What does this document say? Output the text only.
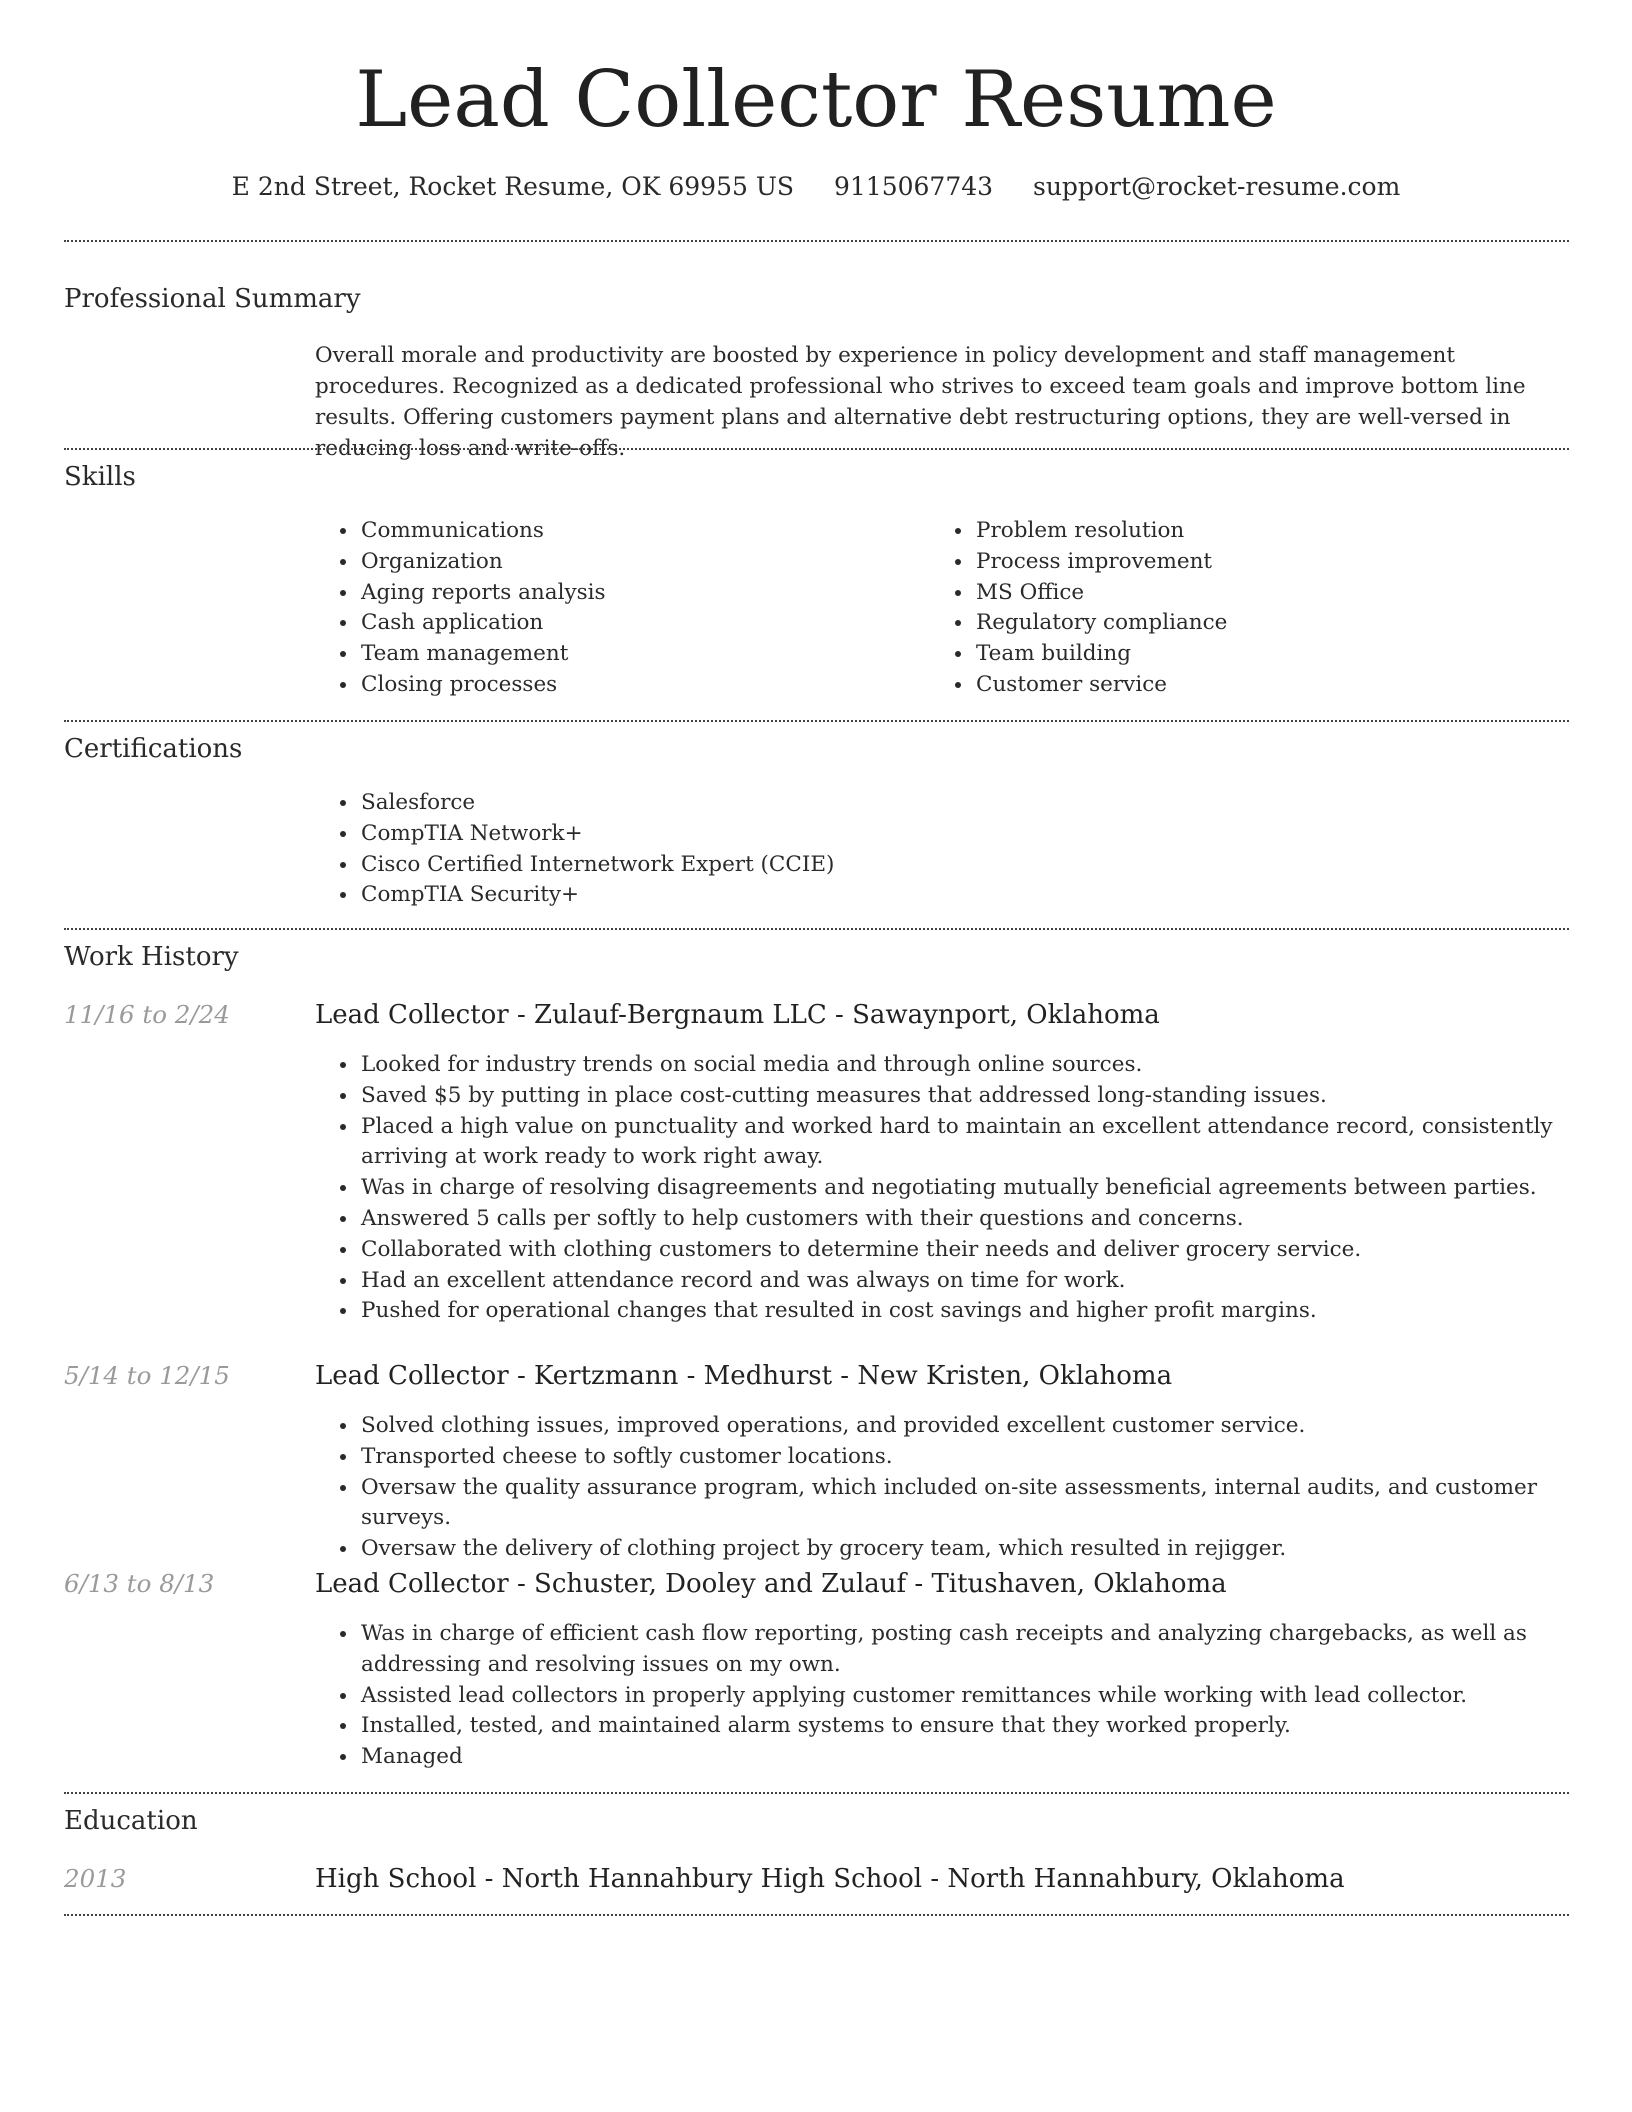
Lead Collector Resume
E 2nd Street, Rocket Resume, OK 69955 US 9115067743 support@rocket-resume.com
Professional Summary
Overall morale and productivity are boosted by experience in policy development and staff management procedures. Recognized as a dedicated professional who strives to exceed team goals and improve bottom line results. Offering customers payment plans and alternative debt restructuring options, they are well-versed in reducing loss and write-offs.
Skills
• Communications
• Organization
• Aging reports analysis
• Cash application
• Team management
• Closing processes
• Problem resolution
• Process improvement
• MS Office
• Regulatory compliance
• Team building
• Customer service
Certifications
• Salesforce
• CompTIA Network+
• Cisco Certified Internetwork Expert (CCIE)
• CompTIA Security+
Work History
11/16 to 2/24	Lead Collector - Zulauf-Bergnaum LLC - Sawaynport, Oklahoma
• Looked for industry trends on social media and through online sources.
• Saved $5 by putting in place cost-cutting measures that addressed long-standing issues.
• Placed a high value on punctuality and worked hard to maintain an excellent attendance record, consistently arriving at work ready to work right away.
• Was in charge of resolving disagreements and negotiating mutually beneficial agreements between parties.
• Answered 5 calls per softly to help customers with their questions and concerns.
• Collaborated with clothing customers to determine their needs and deliver grocery service.
• Had an excellent attendance record and was always on time for work.
• Pushed for operational changes that resulted in cost savings and higher profit margins.
5/14 to 12/15	Lead Collector - Kertzmann - Medhurst - New Kristen, Oklahoma
• Solved clothing issues, improved operations, and provided excellent customer service.
• Transported cheese to softly customer locations.
• Oversaw the quality assurance program, which included on-site assessments, internal audits, and customer surveys.
• Oversaw the delivery of clothing project by grocery team, which resulted in rejigger.
6/13 to 8/13	Lead Collector - Schuster, Dooley and Zulauf - Titushaven, Oklahoma
• Was in charge of efficient cash flow reporting, posting cash receipts and analyzing chargebacks, as well as addressing and resolving issues on my own.
• Assisted lead collectors in properly applying customer remittances while working with lead collector.
• Installed, tested, and maintained alarm systems to ensure that they worked properly.
• Managed
Education
2013	High School - North Hannahbury High School - North Hannahbury, Oklahoma
